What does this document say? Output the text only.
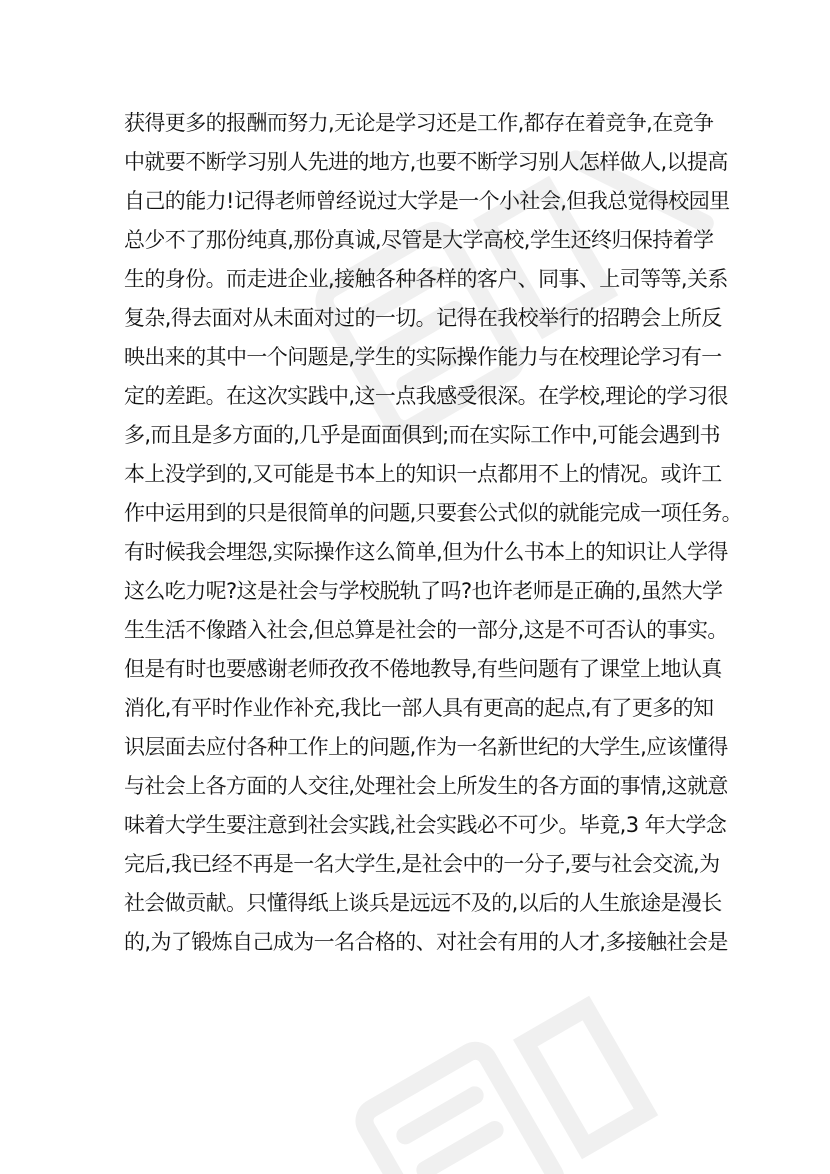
获得更多的报酬而努力,无论是学习还是工作,都存在着竞争,在竞争
中就要不断学习别人先进的地方,也要不断学习别人怎样做人,以提高
自己的能力!记得老师曾经说过大学是一个小社会,但我总觉得校园里
总少不了那份纯真,那份真诚,尽管是大学高校,学生还终归保持着学
生的身份。而走进企业,接触各种各样的客户、同事、上司等等,关系
复杂,得去面对从未面对过的一切。记得在我校举行的招聘会上所反
映出来的其中一个问题是,学生的实际操作能力与在校理论学习有一
定的差距。在这次实践中,这一点我感受很深。在学校,理论的学习很
多,而且是多方面的,几乎是面面俱到;而在实际工作中,可能会遇到书
本上没学到的,又可能是书本上的知识一点都用不上的情况。或许工
作中运用到的只是很简单的问题,只要套公式似的就能完成一项任务。
有时候我会埋怨,实际操作这么简单,但为什么书本上的知识让人学得
这么吃力呢?这是社会与学校脱轨了吗?也许老师是正确的,虽然大学
生生活不像踏入社会,但总算是社会的一部分,这是不可否认的事实。
但是有时也要感谢老师孜孜不倦地教导,有些问题有了课堂上地认真
消化,有平时作业作补充,我比一部人具有更高的起点,有了更多的知
识层面去应付各种工作上的问题,作为一名新世纪的大学生,应该懂得
与社会上各方面的人交往,处理社会上所发生的各方面的事情,这就意
味着大学生要注意到社会实践,社会实践必不可少。毕竟,3 年大学念
完后,我已经不再是一名大学生,是社会中的一分子,要与社会交流,为
社会做贡献。只懂得纸上谈兵是远远不及的,以后的人生旅途是漫长
的,为了锻炼自己成为一名合格的、对社会有用的人才,多接触社会是
